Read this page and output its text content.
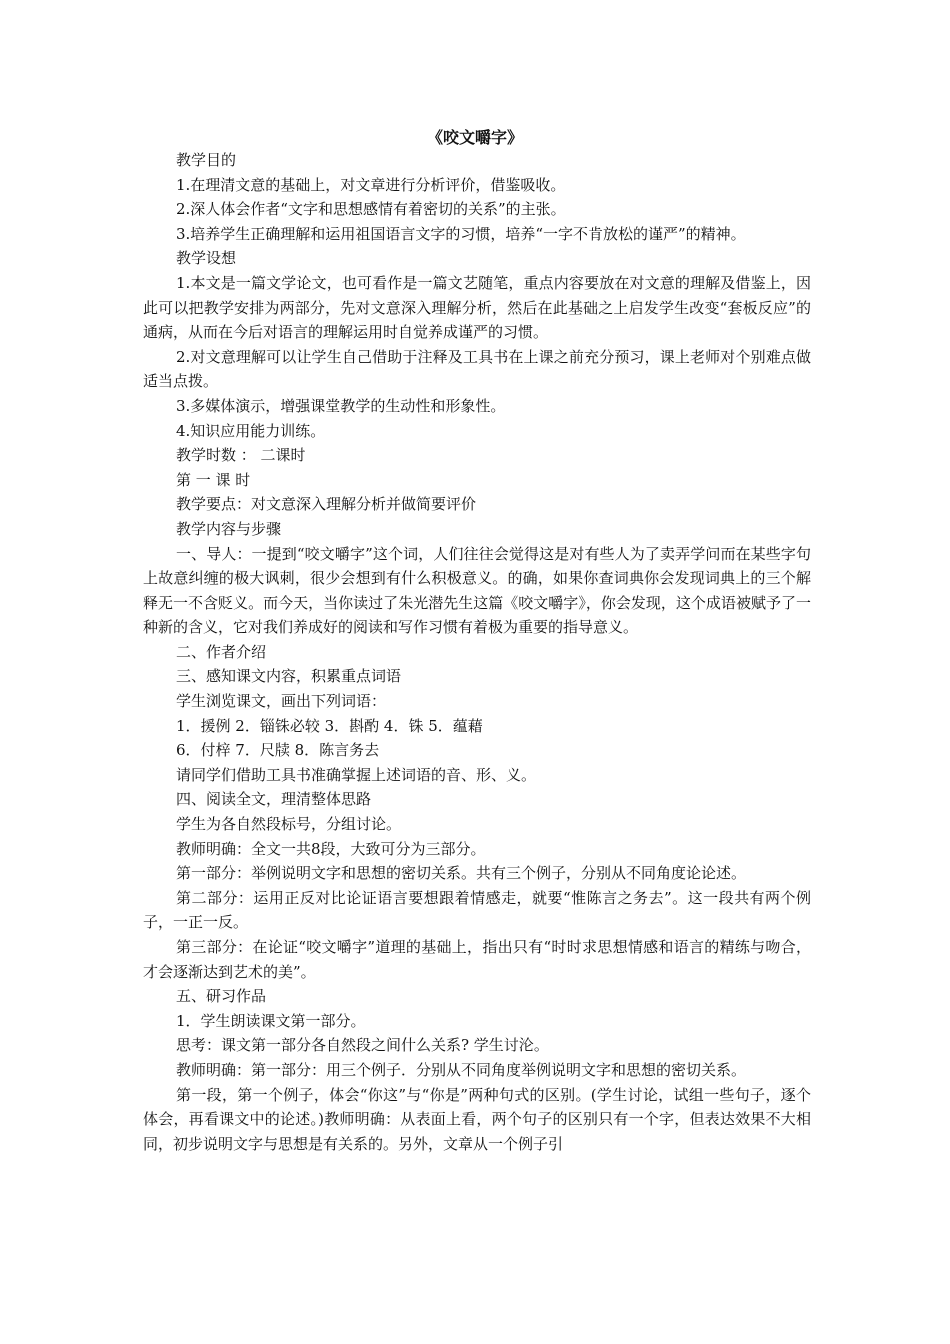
《咬文嚼字》

教学目的

1.在理清文意的基础上，对文章进行分析评价，借鉴吸收。

2.深人体会作者“文字和思想感情有着密切的关系”的主张。

3.培养学生正确理解和运用祖国语言文字的习惯，培养“一字不肯放松的谨严”的精神。

教学设想

1.本文是一篇文学论文，也可看作是一篇文艺随笔，重点内容要放在对文意的理解及借鉴上，因此可以把教学安排为两部分，先对文意深入理解分析，然后在此基础之上启发学生改变“套板反应”的通病，从而在今后对语言的理解运用时自觉养成谨严的习惯。

2.对文意理解可以让学生自己借助于注释及工具书在上课之前充分预习，课上老师对个别难点做适当点拨。

3.多媒体演示，增强课堂教学的生动性和形象性。

4.知识应用能力训练。

教学时数 ： 二课时

第 一 课 时

教学要点：对文意深入理解分析并做简要评价

教学内容与步骤

一、导人：一提到“咬文嚼字”这个词，人们往往会觉得这是对有些人为了卖弄学问而在某些字句上故意纠缠的极大讽刺，很少会想到有什么积极意义。的确，如果你查词典你会发现词典上的三个解释无一不含贬义。而今天，当你读过了朱光潜先生这篇《咬文嚼字》，你会发现，这个成语被赋予了一种新的含义，它对我们养成好的阅读和写作习惯有着极为重要的指导意义。

二、作者介绍

三、感知课文内容，积累重点词语

学生浏览课文，画出下列词语：

1．援例 2．锱铢必较 3．斟酌 4．铢 5．蕴藉

6．付梓 7．尺牍 8．陈言务去

请同学们借助工具书准确掌握上述词语的音、形、义。

四、阅读全文，理清整体思路

学生为各自然段标号，分组讨论。

教师明确：全文一共8段，大致可分为三部分。

第一部分：举例说明文字和思想的密切关系。共有三个例子，分别从不同角度论论述。

第二部分：运用正反对比论证语言要想跟着情感走，就要“惟陈言之务去”。这一段共有两个例子，一正一反。

第三部分：在论证“咬文嚼字”道理的基础上，指出只有“时时求思想情感和语言的精练与吻合，才会逐渐达到艺术的美”。

五、研习作品

1．学生朗读课文第一部分。

思考：课文第一部分各自然段之间什么关系? 学生讨沦。

教师明确：第一部分：用三个例子．分别从不同角度举例说明文字和思想的密切关系。

第一段，第一个例子，体会“你这”与“你是”两种句式的区别。(学生讨论，试组一些句子，逐个体会，再看课文中的论述。)教师明确：从表面上看，两个句子的区别只有一个字，但表达效果不大相同，初步说明文字与思想是有关系的。另外，文章从一个例子引
